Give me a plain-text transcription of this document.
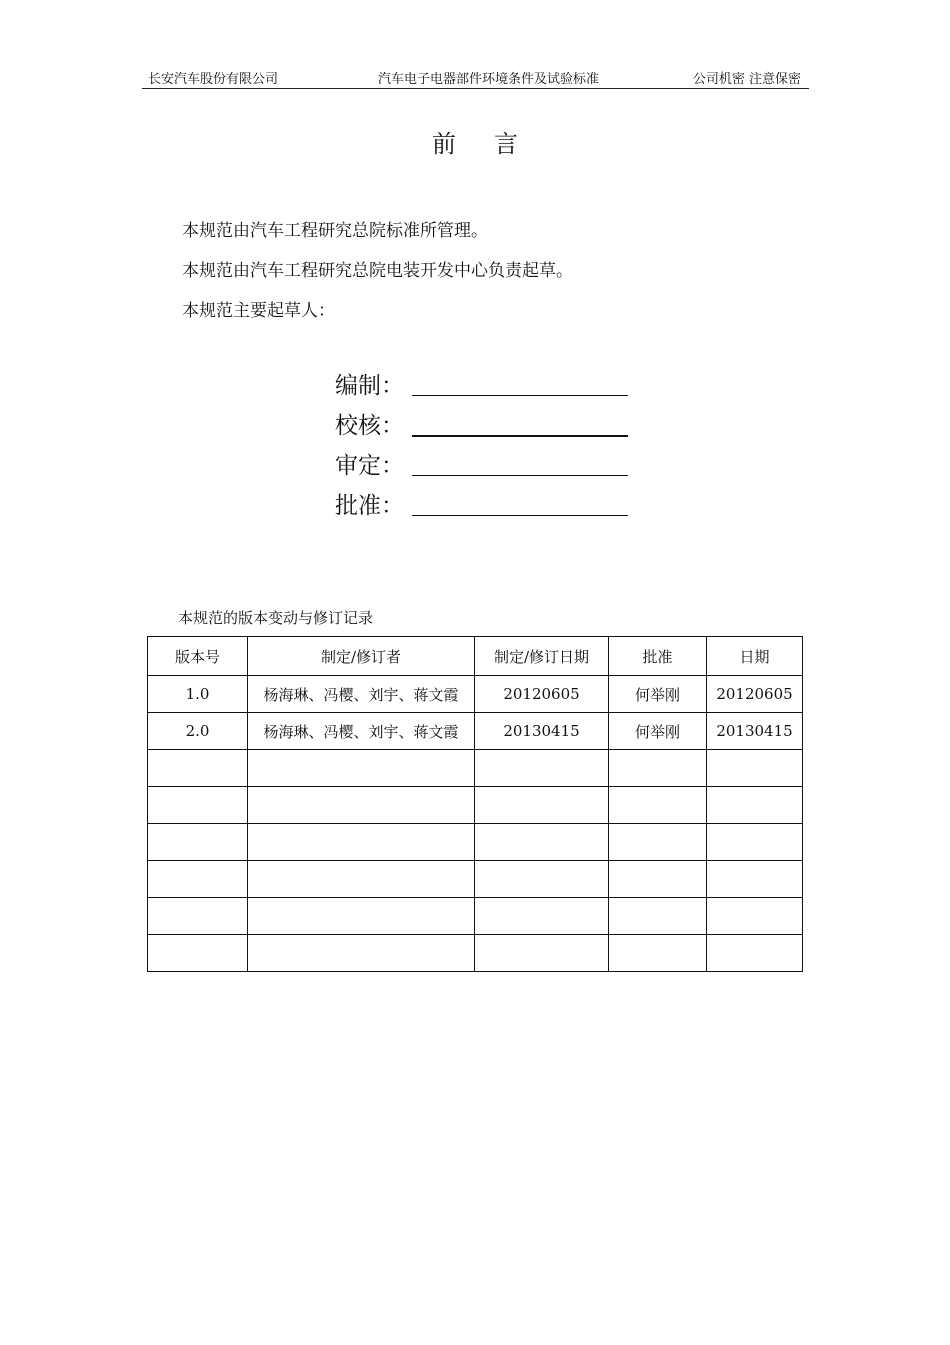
长安汽车股份有限公司	汽车电子电器部件环境条件及试验标准	公司机密 注意保密
前言
本规范由汽车工程研究总院标准所管理。
本规范由汽车工程研究总院电装开发中心负责起草。
本规范主要起草人：
编制：
校核：
审定：
批准：
本规范的版本变动与修订记录
版本号	制定/修订者	制定/修订日期	批准	日期
1.0	杨海琳、冯樱、刘宇、蒋文霞	20120605	何举刚	20120605
2.0	杨海琳、冯樱、刘宇、蒋文霞	20130415	何举刚	20130415
